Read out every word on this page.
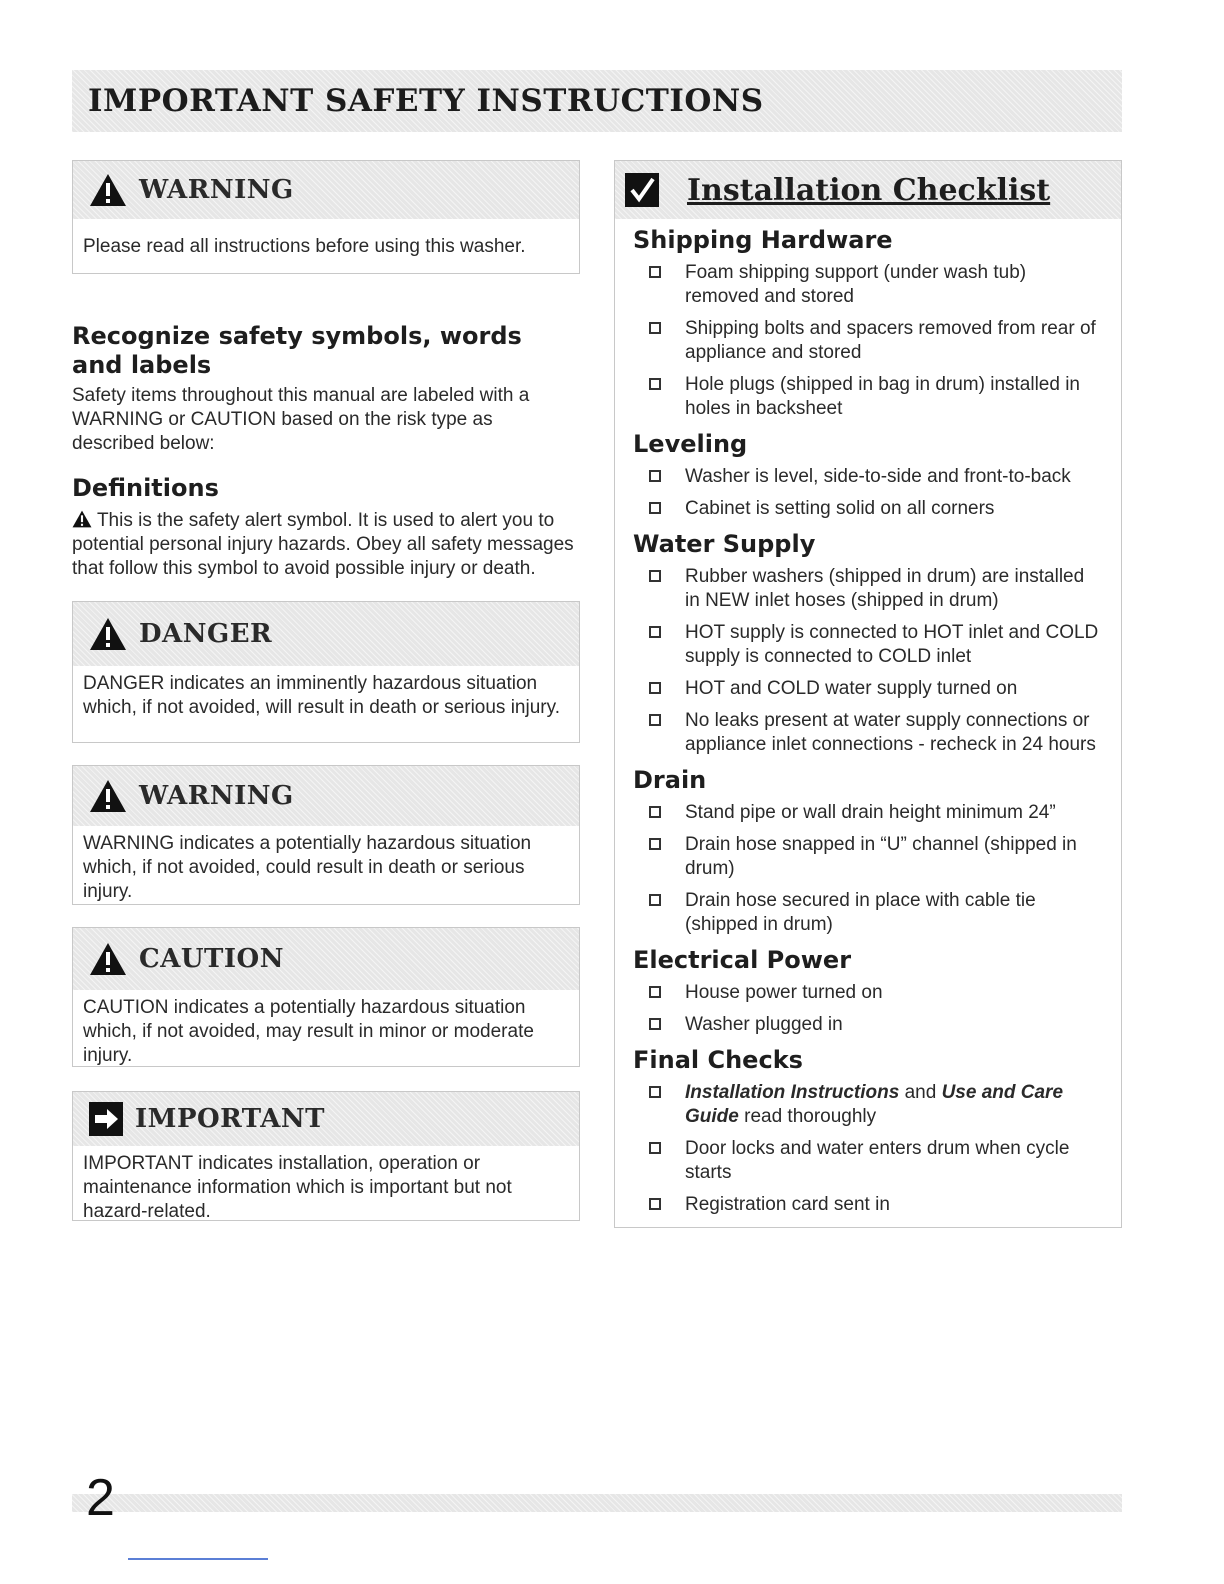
IMPORTANT SAFETY INSTRUCTIONS
WARNING
Please read all instructions before using this washer.
Recognize safety symbols, words and labels

Safety items throughout this manual are labeled with a WARNING or CAUTION based on the risk type as described below:

Definitions

This is the safety alert symbol. It is used to alert you to potential personal injury hazards. Obey all safety messages that follow this symbol to avoid possible injury or death.

DANGER
DANGER indicates an imminently hazardous situation which, if not avoided, will result in death or serious injury.
WARNING
WARNING indicates a potentially hazardous situation which, if not avoided, could result in death or serious injury.
CAUTION
CAUTION indicates a potentially hazardous situation which, if not avoided, may result in minor or moderate injury.
IMPORTANT
IMPORTANT indicates installation, operation or maintenance information which is important but not hazard-related.
Installation Checklist
Shipping Hardware
Foam shipping support (under wash tub) removed and stored
Shipping bolts and spacers removed from rear of appliance and stored
Hole plugs (shipped in bag in drum) installed in holes in backsheet
Leveling
Washer is level, side-to-side and front-to-back
Cabinet is setting solid on all corners
Water Supply
Rubber washers (shipped in drum) are installed in NEW inlet hoses (shipped in drum)
HOT supply is connected to HOT inlet and COLD supply is connected to COLD inlet
HOT and COLD water supply turned on
No leaks present at water supply connections or appliance inlet connections - recheck in 24 hours
Drain
Stand pipe or wall drain height minimum 24”
Drain hose snapped in “U” channel (shipped in drum)
Drain hose secured in place with cable tie (shipped in drum)
Electrical Power
House power turned on
Washer plugged in
Final Checks
Installation Instructions and Use and Care Guide read thoroughly
Door locks and water enters drum when cycle starts
Registration card sent in
2
